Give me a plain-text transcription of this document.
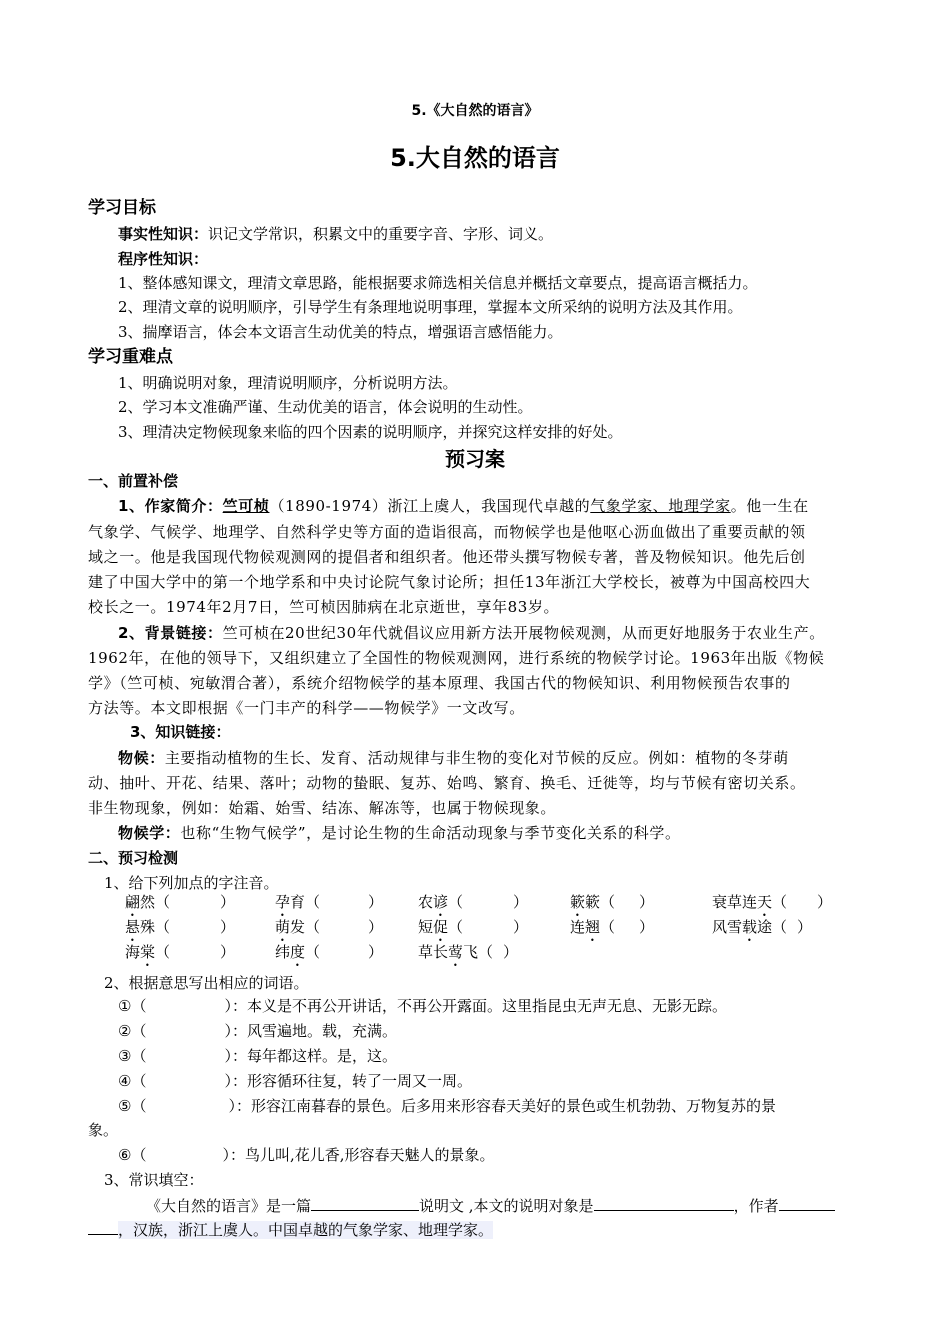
5.《大自然的语言》
5.大自然的语言
学习目标
事实性知识：识记文学常识，积累文中的重要字音、字形、词义。
程序性知识：
1、整体感知课文，理清文章思路，能根据要求筛选相关信息并概括文章要点，提高语言概括力。
2、理清文章的说明顺序，引导学生有条理地说明事理，掌握本文所采纳的说明方法及其作用。
3、揣摩语言，体会本文语言生动优美的特点，增强语言感悟能力。
学习重难点
1、明确说明对象，理清说明顺序，分析说明方法。
2、学习本文准确严谨、生动优美的语言，体会说明的生动性。
3、理清决定物候现象来临的四个因素的说明顺序，并探究这样安排的好处。
预习案
一、前置补偿
1、作家简介：竺可桢（1890-1974）浙江上虞人，我国现代卓越的气象学家、地理学家。他一生在
气象学、气候学、地理学、自然科学史等方面的造诣很高，而物候学也是他呕心沥血做出了重要贡献的领
域之一。他是我国现代物候观测网的提倡者和组织者。他还带头撰写物候专著，普及物候知识。他先后创
建了中国大学中的第一个地学系和中央讨论院气象讨论所；担任13年浙江大学校长，被尊为中国高校四大
校长之一。1974年2月7日，竺可桢因肺病在北京逝世，享年83岁。
2、背景链接：竺可桢在20世纪30年代就倡议应用新方法开展物候观测，从而更好地服务于农业生产。
1962年，在他的领导下，又组织建立了全国性的物候观测网，进行系统的物候学讨论。1963年出版《物候
学》（竺可桢、宛敏渭合著），系统介绍物候学的基本原理、我国古代的物候知识、利用物候预告农事的
方法等。本文即根据《一门丰产的科学——物候学》一文改写。
3、知识链接：
物候：主要指动植物的生长、发育、活动规律与非生物的变化对节候的反应。例如：植物的冬芽萌
动、抽叶、开花、结果、落叶；动物的蛰眠、复苏、始鸣、繁育、换毛、迁徙等，均与节候有密切关系。
非生物现象，例如：始霜、始雪、结冻、解冻等，也属于物候现象。
物候学：也称“生物气候学”，是讨论生物的生命活动现象与季节变化关系的科学。
二、预习检测
1、给下列加点的字注音。
翩然（	）	孕育（	） 农谚（	）	簌簌（ ）	衰草连天（ ）
悬殊（	）	萌发（	） 短促（	）	连翘（ ）	风雪载途（ ）
海棠（	）	纬度（	） 草长莺飞（ ）
2、根据意思写出相应的词语。
①（	）：本义是不再公开讲话，不再公开露面。这里指昆虫无声无息、无影无踪。
②（	）：风雪遍地。载，充满。
③（	）：每年都这样。是，这。
④（	）：形容循环往复，转了一周又一周。
⑤（	）：形容江南暮春的景色。后多用来形容春天美好的景色或生机勃勃、万物复苏的景
⑥（	）：鸟儿叫,花儿香,形容春天魅人的景象。
象。
3、常识填空：
《大自然的语言》是一篇	说明文 ,本文的说明对象是	，作者
，汉族，浙江上虞人。中国卓越的气象学家、地理学家。
